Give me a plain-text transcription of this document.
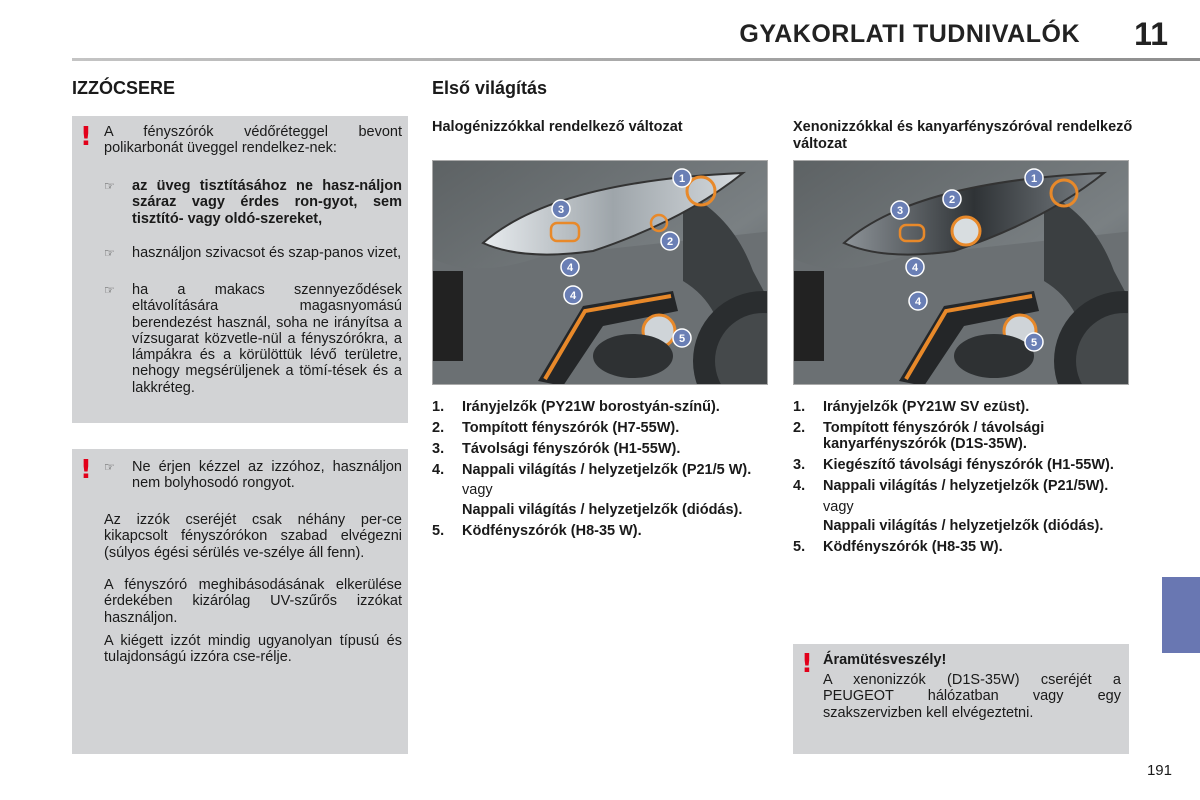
GYAKORLATI TUDNIVALÓK 11
IZZÓCSERE
! A fényszórók védőréteggel bevont polikarbonát üveggel rendelkez-nek:
☞	az üveg tisztításához ne hasz-náljon száraz vagy érdes ron-gyot, sem tisztító- vagy oldó-szereket,
☞	használjon szivacsot és szap-panos vizet,
☞	ha a makacs szennyeződések eltávolítására magasnyomású berendezést használ, soha ne irányítsa a vízsugarat közvetle-nül a fényszórókra, a lámpákra és a körülöttük lévő területre, nehogy megsérüljenek a tömí-tések és a lakkréteg.
! ☞	Ne érjen kézzel az izzóhoz, használjon nem bolyhosodó rongyot.
Az izzók cseréjét csak néhány per-ce kikapcsolt fényszórókon szabad elvégezni (súlyos égési sérülés ve-szélye áll fenn).
A fényszóró meghibásodásának elkerülése érdekében kizárólag UV-szűrős izzókat használjon.
A kiégett izzót mindig ugyanolyan típusú és tulajdonságú izzóra cse-rélje.
Első világítás
Halogénizzókkal rendelkező változat
1
2
3
4
4
5
1. Irányjelzők (PY21W borostyán-színű).
2. Tompított fényszórók (H7-55W).
3. Távolsági fényszórók (H1-55W).
4. Nappali világítás / helyzetjelzők (P21/5 W).
vagy
Nappali világítás / helyzetjelzők (diódás).
5. Ködfényszórók (H8-35 W).
Xenonizzókkal és kanyarfényszóróval rendelkező változat
1
2
3
4
4
5
1. Irányjelzők (PY21W SV ezüst).
2. Tompított fényszórók / távolsági kanyarfényszórók (D1S-35W).
3. Kiegészítő távolsági fényszórók (H1-55W).
4. Nappali világítás / helyzetjelzők (P21/5W).
vagy
Nappali világítás / helyzetjelzők (diódás).
5. Ködfényszórók (H8-35 W).
! Áramütésveszély!
A xenonizzók (D1S-35W) cseréjét a PEUGEOT hálózatban vagy egy szakszervizben kell elvégeztetni.
191
